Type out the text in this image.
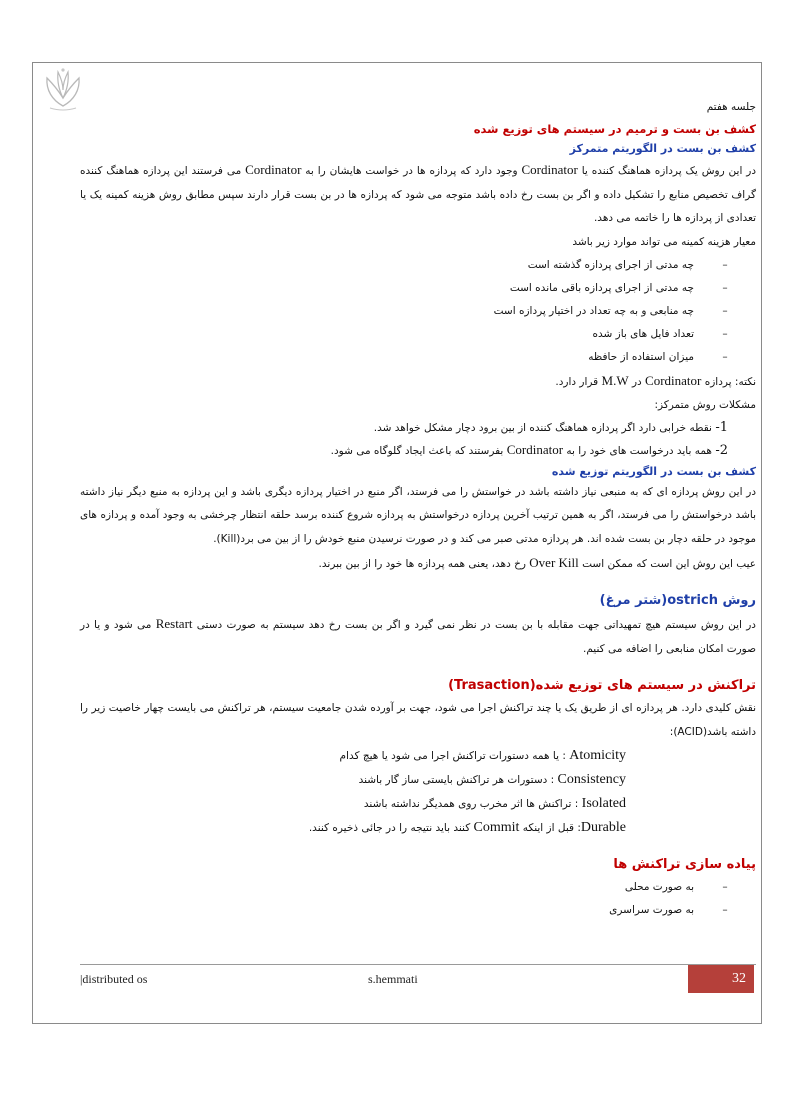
جلسه هفتم

کشف بن بست و ترمیم در سیستم های توزیع شده

کشف بن بست در الگوریتم متمرکز

در این روش یک پردازه هماهنگ کننده یا Cordinator وجود دارد که پردازه ها در خواست هایشان را به Cordinator می فرستند این پردازه هماهنگ کننده گراف تخصیص منابع را تشکیل داده و اگر بن بست رخ داده باشد متوجه می شود که پردازه ها در بن بست قرار دارند سپس مطابق روش هزینه کمینه یک یا تعدادی از پردازه ها را خاتمه می دهد.

معیار هزینه کمینه می تواند موارد زیر باشد

–
چه مدتی از اجرای پردازه گذشته است
–
چه مدتی از اجرای پردازه باقی مانده است
–
چه منابعی و به چه تعداد در اختیار پردازه است
–
تعداد فایل های باز شده
–
میزان استفاده از حافظه

نکته: پردازه Cordinator در M.W قرار دارد.

مشکلات روش متمرکز:

1- نقطه خرابی دارد اگر پردازه هماهنگ کننده از بین برود دچار مشکل خواهد شد.
2- همه باید درخواست های خود را به Cordinator بفرستند که باعث ایجاد گلوگاه می شود.

کشف بن بست در الگوریتم توزیع شده

در این روش پردازه ای که به منبعی نیاز داشته باشد در خواستش را می فرستد، اگر منبع در اختیار پردازه دیگری باشد و این پردازه به منبع دیگر نیاز داشته باشد درخواستش را می فرستد، اگر به همین ترتیب آخرین پردازه درخواستش به پردازه شروع کننده برسد حلقه انتظار چرخشی به وجود آمده و پردازه های موجود در حلقه دچار بن بست شده اند. هر پردازه مدتی صبر می کند و در صورت نرسیدن منبع خودش را از بین می برد(Kill).

عیب این روش این است که ممکن است Over Kill رخ دهد، یعنی همه پردازه ها خود را از بین ببرند.

روش ostrich(شتر مرغ)

در این روش سیستم هیچ تمهیداتی جهت مقابله با بن بست در نظر نمی گیرد و اگر بن بست رخ دهد سیستم به صورت دستی Restart می شود و یا در صورت امکان منابعی را اضافه می کنیم.

تراکنش در سیستم های توزیع شده(Trasaction)

نقش کلیدی دارد. هر پردازه ای از طریق یک یا چند تراکنش اجرا می شود، جهت بر آورده شدن جامعیت سیستم، هر تراکنش می بایست چهار خاصیت زیر را داشته باشد(ACID):

Atomicity : یا همه دستورات تراکنش اجرا می شود یا هیچ کدام

Consistency : دستورات هر تراکنش بایستی ساز گار باشند

Isolated : تراکنش ها اثر مخرب روی همدیگر نداشته باشند

Durable: قبل از اینکه Commit کنند باید نتیجه را در جائی ذخیره کنند.

پیاده سازی تراکنش ها

–
به صورت محلی
–
به صورت سراسری
|distributed os	s.hemmati	32
